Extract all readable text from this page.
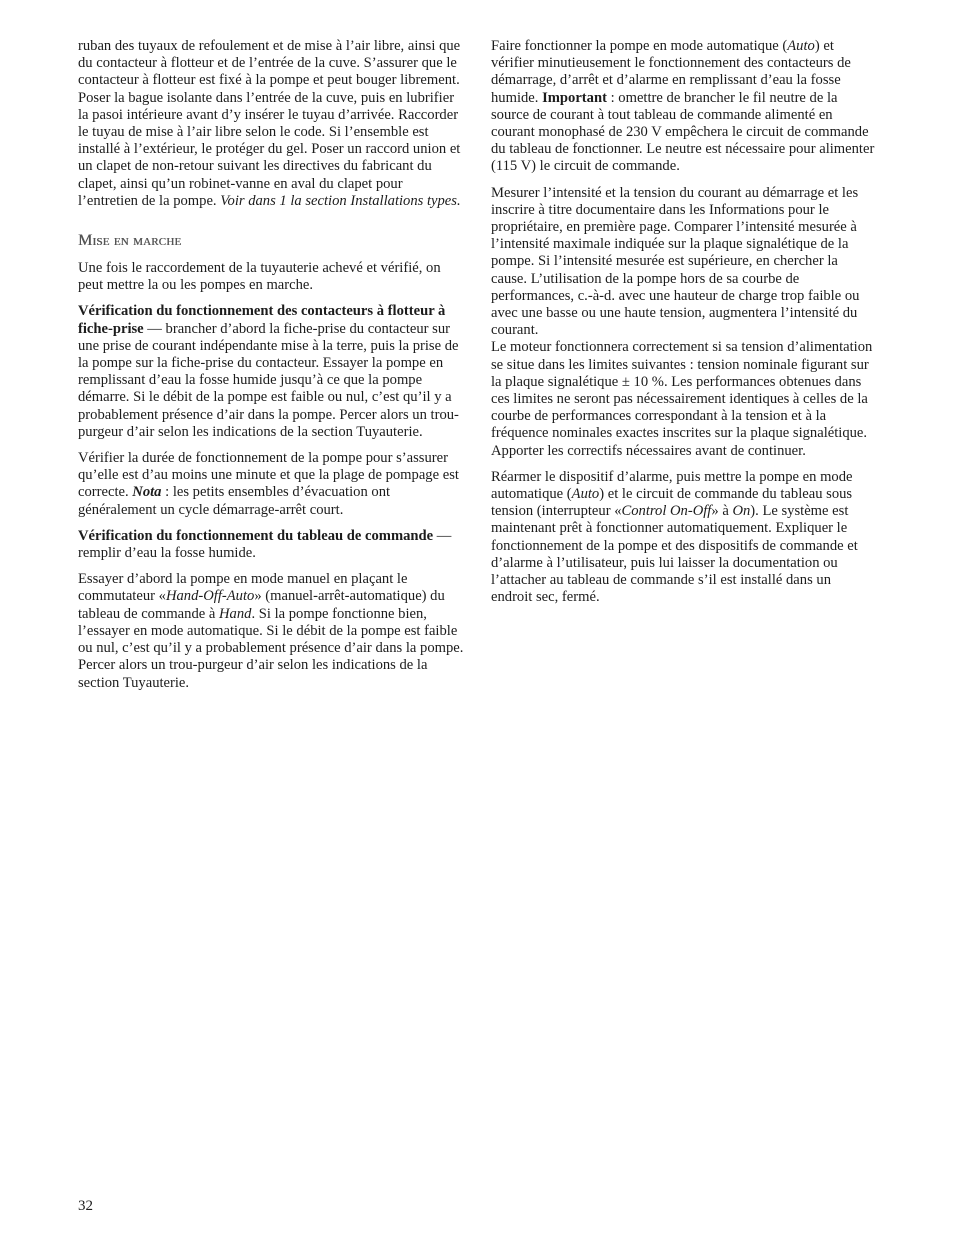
ruban des tuyaux de refoulement et de mise à l’air libre, ainsi que du contacteur à flotteur et de l’entrée de la cuve. S’assurer que le contacteur à flotteur est fixé à la pompe et peut bouger librement. Poser la bague isolante dans l’entrée de la cuve, puis en lubrifier la pasoi intérieure avant d’y insérer le tuyau d’arrivée. Raccorder le tuyau de mise à l’air libre selon le code. Si l’ensemble est installé à l’extérieur, le protéger du gel. Poser un raccord union et un clapet de non-retour suivant les directives du fabricant du clapet, ainsi qu’un robinet-vanne en aval du clapet pour l’entretien de la pompe. Voir dans 1 la section Installations types.

Mise en marche

Une fois le raccordement de la tuyauterie achevé et vérifié, on peut mettre la ou les pompes en marche.

Vérification du fonctionnement des contacteurs à flotteur à fiche-prise — brancher d’abord la fiche-prise du contacteur sur une prise de courant indépendante mise à la terre, puis la prise de la pompe sur la fiche-prise du contacteur. Essayer la pompe en remplissant d’eau la fosse humide jusqu’à ce que la pompe démarre. Si le débit de la pompe est faible ou nul, c’est qu’il y a probablement présence d’air dans la pompe. Percer alors un trou-purgeur d’air selon les indications de la section Tuyauterie.

Vérifier la durée de fonctionnement de la pompe pour s’assurer qu’elle est d’au moins une minute et que la plage de pompage est correcte. Nota : les petits ensembles d’évacuation ont généralement un cycle démarrage-arrêt court.

Vérification du fonctionnement du tableau de commande — remplir d’eau la fosse humide.

Essayer d’abord la pompe en mode manuel en plaçant le commutateur «Hand-Off-Auto» (manuel-arrêt-automatique) du tableau de commande à Hand. Si la pompe fonctionne bien, l’essayer en mode automatique. Si le débit de la pompe est faible ou nul, c’est qu’il y a probablement présence d’air dans la pompe. Percer alors un trou-purgeur d’air selon les indications de la section Tuyauterie.

Faire fonctionner la pompe en mode automatique (Auto) et vérifier minutieusement le fonctionnement des contacteurs de démarrage, d’arrêt et d’alarme en remplissant d’eau la fosse humide. Important : omettre de brancher le fil neutre de la source de courant à tout tableau de commande alimenté en courant monophasé de 230 V empêchera le circuit de commande du tableau de fonctionner. Le neutre est nécessaire pour alimenter (115 V) le circuit de commande.

Mesurer l’intensité et la tension du courant au démarrage et les inscrire à titre documentaire dans les Informations pour le propriétaire, en première page. Comparer l’intensité mesurée à l’intensité maximale indiquée sur la plaque signalétique de la pompe. Si l’intensité mesurée est supérieure, en chercher la cause. L’utilisation de la pompe hors de sa courbe de performances, c.-à-d. avec une hauteur de charge trop faible ou avec une basse ou une haute tension, augmentera l’intensité du courant.

Le moteur fonctionnera correctement si sa tension d’alimentation se situe dans les limites suivantes : tension nominale figurant sur la plaque signalétique ± 10 %. Les performances obtenues dans ces limites ne seront pas nécessairement identiques à celles de la courbe de performances correspondant à la tension et à la fréquence nominales exactes inscrites sur la plaque signalétique. Apporter les correctifs nécessaires avant de continuer.

Réarmer le dispositif d’alarme, puis mettre la pompe en mode automatique (Auto) et le circuit de commande du tableau sous tension (interrupteur «Control On-Off» à On). Le système est maintenant prêt à fonctionner automatiquement. Expliquer le fonctionnement de la pompe et des dispositifs de commande et d’alarme à l’utilisateur, puis lui laisser la documentation ou l’attacher au tableau de commande s’il est installé dans un endroit sec, fermé.

32
